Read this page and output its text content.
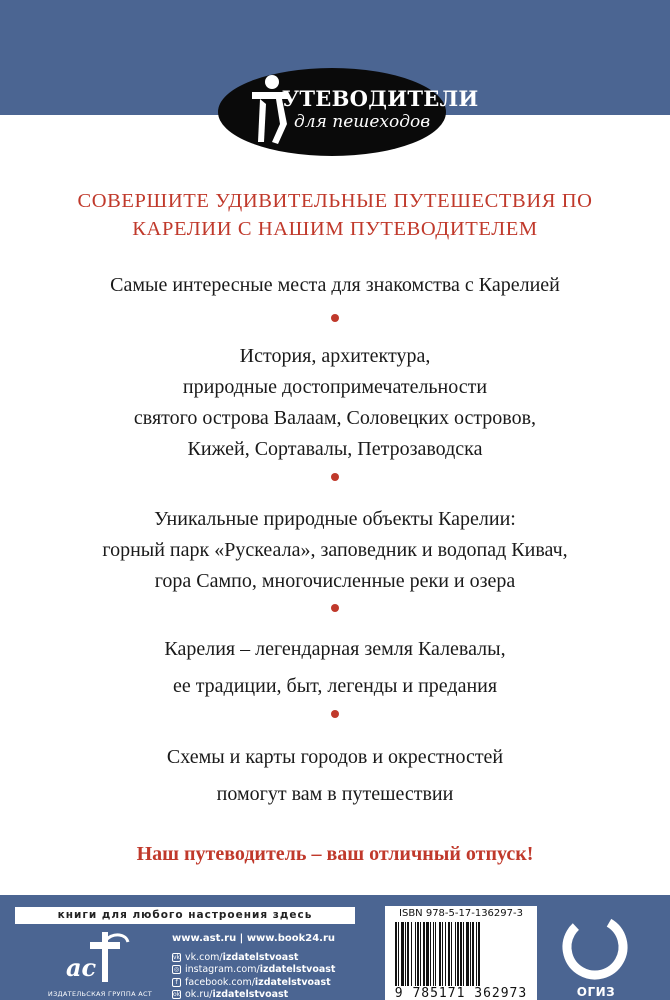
УТЕВОДИТЕЛИ
для пешеходов
СОВЕРШИТЕ УДИВИТЕЛЬНЫЕ ПУТЕШЕСТВИЯ ПО
КАРЕЛИИ С НАШИМ ПУТЕВОДИТЕЛЕМ
Самые интересные места для знакомства с Карелией
История, архитектура,
природные достопримечательности
святого острова Валаам, Соловецких островов,
Кижей, Сортавалы, Петрозаводска
Уникальные природные объекты Карелии:
горный парк «Рускеала», заповедник и водопад Кивач,
гора Сампо, многочисленные реки и озера
Карелия – легендарная земля Калевалы,
ее традиции, быт, легенды и предания
Схемы и карты городов и окрестностей
помогут вам в путешествии
Наш путеводитель – ваш отличный отпуск!
книги для любого настроения здесь
ac
ИЗДАТЕЛЬСКАЯ ГРУППА АСТ
www.ast.ru | www.book24.ru
vk vk.com/ izdatelstvoast
◎ instagram.com/ izdatelstvoast
f facebook.com/ izdatelstvoast
ok ok.ru/ izdatelstvoast
ISBN 978-5-17-136297-3
9 785171 362973	ОГИЗ
